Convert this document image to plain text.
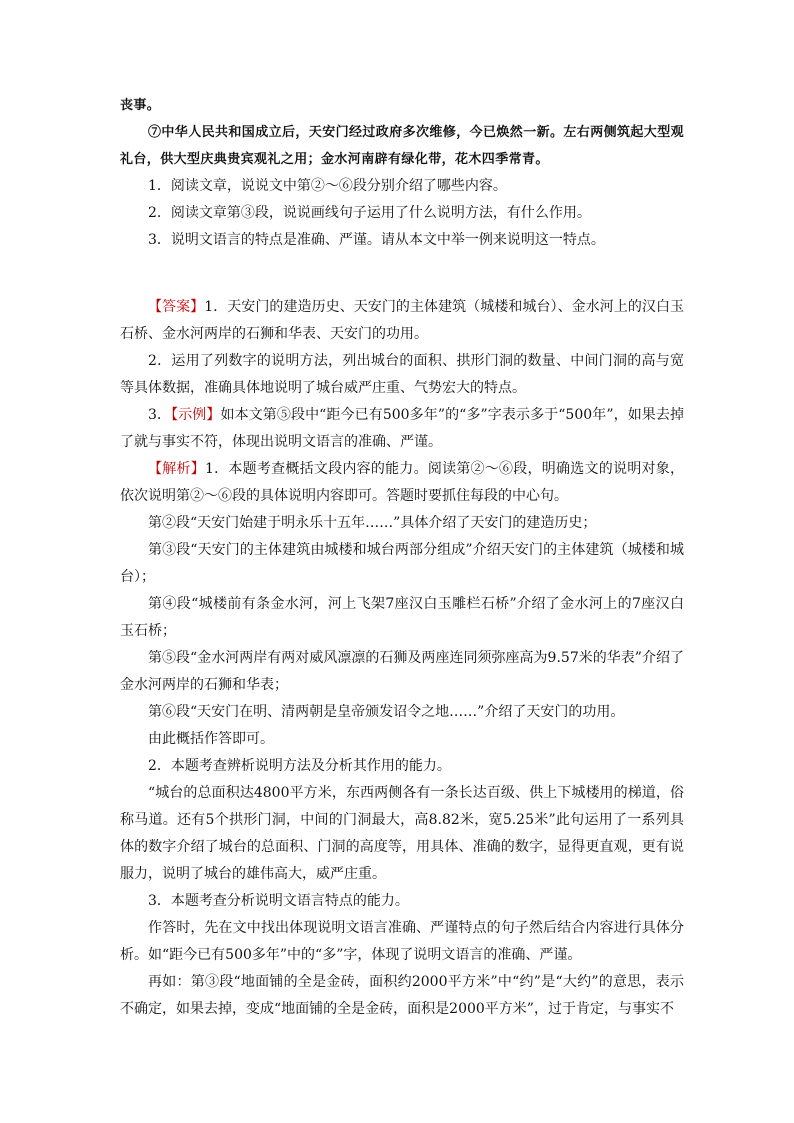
丧事。

⑦中华人民共和国成立后，天安门经过政府多次维修，今已焕然一新。左右两侧筑起大型观礼台，供大型庆典贵宾观礼之用；金水河南辟有绿化带，花木四季常青。

1．阅读文章，说说文中第②～⑥段分别介绍了哪些内容。

2．阅读文章第③段，说说画线句子运用了什么说明方法，有什么作用。

3．说明文语言的特点是准确、严谨。请从本文中举一例来说明这一特点。

【答案】1．天安门的建造历史、天安门的主体建筑（城楼和城台）、金水河上的汉白玉石桥、金水河两岸的石狮和华表、天安门的功用。

2．运用了列数字的说明方法，列出城台的面积、拱形门洞的数量、中间门洞的高与宽等具体数据，准确具体地说明了城台威严庄重、气势宏大的特点。

3．【示例】如本文第⑤段中“距今已有500多年”的“多”字表示多于“500年”，如果去掉了就与事实不符，体现出说明文语言的准确、严谨。

【解析】1．本题考查概括文段内容的能力。阅读第②～⑥段，明确选文的说明对象，依次说明第②～⑥段的具体说明内容即可。答题时要抓住每段的中心句。

第②段“天安门始建于明永乐十五年……”具体介绍了天安门的建造历史；

第③段“天安门的主体建筑由城楼和城台两部分组成”介绍天安门的主体建筑（城楼和城台）；

第④段“城楼前有条金水河，河上飞架7座汉白玉雕栏石桥”介绍了金水河上的7座汉白玉石桥；

第⑤段“金水河两岸有两对威风凛凛的石狮及两座连同须弥座高为9.57米的华表”介绍了金水河两岸的石狮和华表；

第⑥段“天安门在明、清两朝是皇帝颁发诏令之地……”介绍了天安门的功用。

由此概括作答即可。

2．本题考查辨析说明方法及分析其作用的能力。

“城台的总面积达4800平方米，东西两侧各有一条长达百级、供上下城楼用的梯道，俗称马道。还有5个拱形门洞，中间的门洞最大，高8.82米，宽5.25米”此句运用了一系列具体的数字介绍了城台的总面积、门洞的高度等，用具体、准确的数字，显得更直观，更有说服力，说明了城台的雄伟高大，威严庄重。

3．本题考查分析说明文语言特点的能力。

作答时，先在文中找出体现说明文语言准确、严谨特点的句子然后结合内容进行具体分析。如“距今已有500多年”中的“多”字，体现了说明文语言的准确、严谨。

再如：第③段“地面铺的全是金砖，面积约2000平方米”中“约”是“大约”的意思，表示不确定，如果去掉，变成“地面铺的全是金砖，面积是2000平方米”，过于肯定，与事实不
